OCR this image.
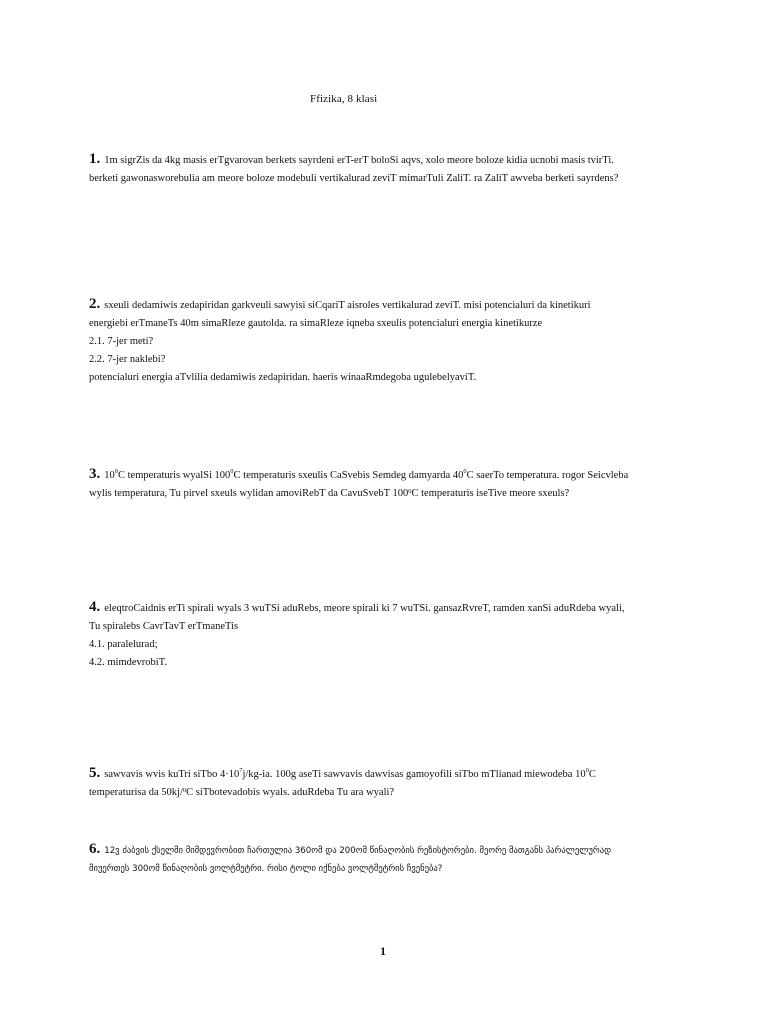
Ffizika, 8 klasi
1. 1m sigrZis da 4kg masis erTgvarovan berkets sayrdeni erT-erT boloSi aqvs, xolo meore boloze kidia ucnobi masis tvirTi.
berketi gawonasworebulia am meore boloze modebuli vertikalurad zeviT mimarTuli ZaliT. ra ZaliT awveba berketi sayrdens?
2. sxeuli dedamiwis zedapiridan garkveuli sawyisi siCqariT aisroles vertikalurad zeviT. misi potencialuri da kinetikuri
energiebi erTmaneTs 40m simaRleze gautolda. ra simaRleze iqneba sxeulis potencialuri energia kinetikurze
2.1. 7-jer meti?
2.2. 7-jer naklebi?
potencialuri energia aTvlilia dedamiwis zedapiridan. haeris winaaRmdegoba ugulebelyaviT.
3. $10^0C$ temperaturis wyalSi $100^0C$ temperaturis sxeulis CaSvebis Semdeg damyarda $40^0C$ saerTo temperatura. rogor Seicvleba
wylis temperatura, Tu pirvel sxeuls wylidan amoviRebT da CavuSvebT $100^0C$ temperaturis iseTive meore sxeuls?
4. eleqtroCaidnis erTi spirali wyals 3 wuTSi aduRebs, meore spirali ki 7 wuTSi. gansazRvreT, ramden xanSi aduRdeba wyali,
Tu spiralebs CavrTavT erTmaneTis
4.1. paralelurad;
4.2. mimdevrobiT.
5. sawvavis wvis kuTri siTbo $4\cdot 10^7j/kg-ia$. 100g aseTi sawvavis dawvisas gamoyofili siTbo mTlianad miewodeba $10^0C$
temperaturisa da 50kj/$^0$C siTbotevadobis wyals. aduRdeba Tu ara wyali?
6. 12ვ ძაბვის ქსელში მიმდევრობით ჩართულია 360ომ და 200ომ წინაღობის რეზისტორები. მეორე მათგანს პარალელურად
მიუერთეს 300ომ წინაღობის ვოლტმეტრი. რისი ტოლი იქნება ვოლტმეტრის ჩვენება?
1
